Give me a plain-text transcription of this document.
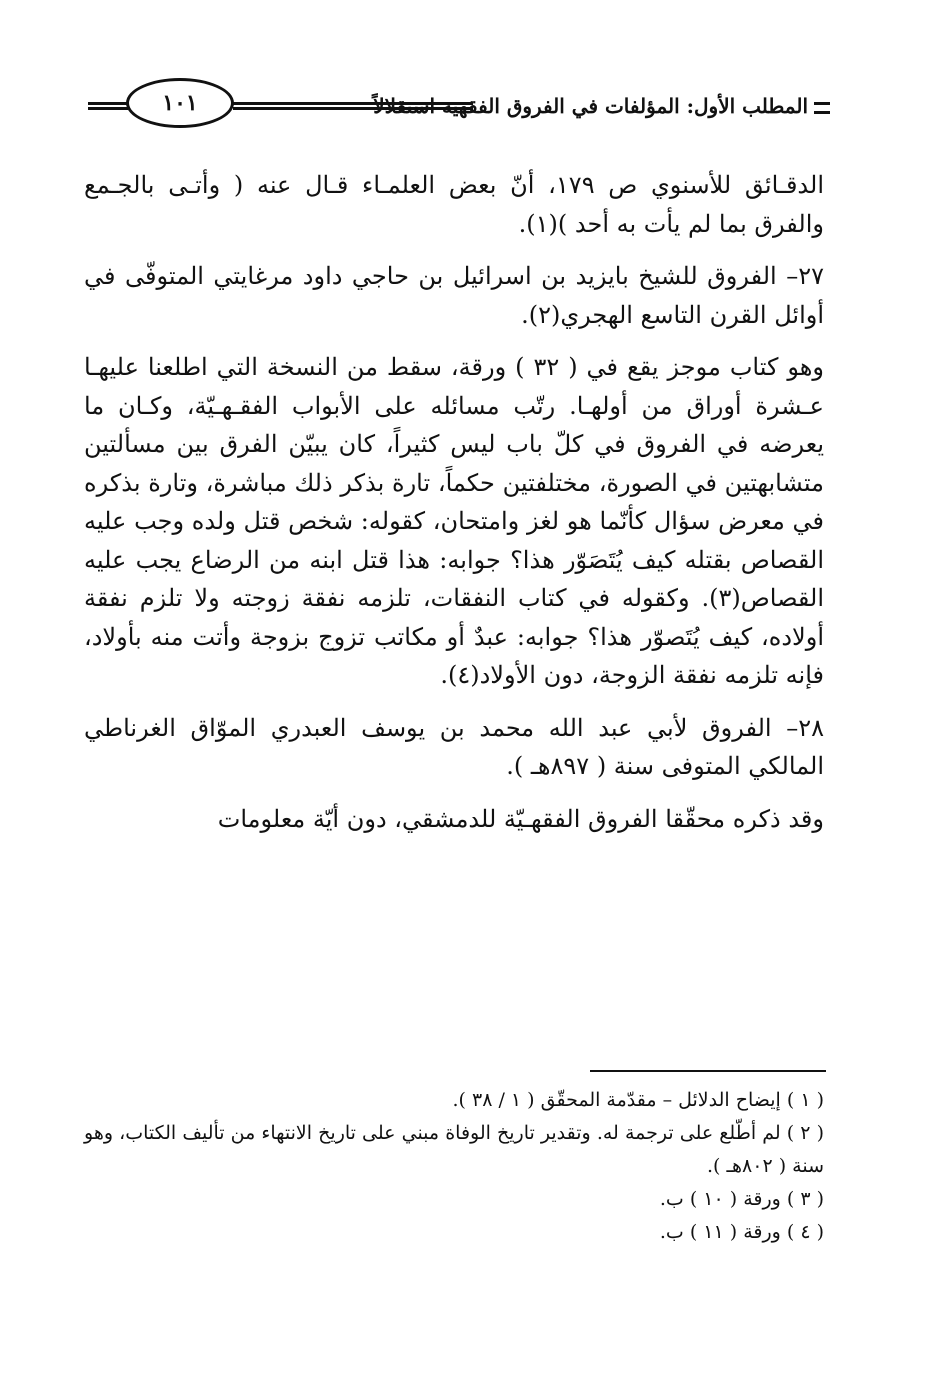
المطلب الأول: المؤلفات في الفروق الفقهية استقلالاً
١٠١

الدقـائق للأسنوي ص ١٧٩، أنّ بعض العلمـاء قـال عنه ( وأتـى بالجـمع والفرق بما لم يأت به أحد )(١).

٢٧– الفروق للشيخ بايزيد بن اسرائيل بن حاجي داود مرغايتي المتوفّى في أوائل القرن التاسع الهجري(٢).

وهو كتاب موجز يقع في ( ٣٢ ) ورقة، سقط من النسخة التي اطلعنا عليهـا عـشرة أوراق من أولهـا. رتّب مسائله على الأبواب الفقـهـيّة، وكـان ما يعرضه في الفروق في كلّ باب ليس كثيراً، كان يبيّن الفرق بين مسألتين متشابهتين في الصورة، مختلفتين حكماً، تارة بذكر ذلك مباشرة، وتارة بذكره في معرض سؤال كأنّما هو لغز وامتحان، كقوله: شخص قتل ولده وجب عليه القصاص بقتله كيف يُتَصَوّر هذا؟ جوابه: هذا قتل ابنه من الرضاع يجب عليه القصاص(٣). وكقوله في كتاب النفقات، تلزمه نفقة زوجته ولا تلزم نفقة أولاده، كيف يُتَصوّر هذا؟ جوابه: عبدٌ أو مكاتب تزوج بزوجة وأتت منه بأولاد، فإنه تلزمه نفقة الزوجة، دون الأولاد(٤).

٢٨– الفروق لأبي عبد الله محمد بن يوسف العبدري الموّاق الغرناطي المالكي المتوفى سنة ( ٨٩٧هـ ).

وقد ذكره محقّقا الفروق الفقهـيّة للدمشقي، دون أيّة معلومات

( ١ ) إيضاح الدلائل – مقدّمة المحقّق ( ١ / ٣٨ ).

( ٢ ) لم أطّلع على ترجمة له. وتقدير تاريخ الوفاة مبني على تاريخ الانتهاء من تأليف الكتاب، وهو سنة ( ٨٠٢هـ ).

( ٣ ) ورقة ( ١٠ ) ب.

( ٤ ) ورقة ( ١١ ) ب.
